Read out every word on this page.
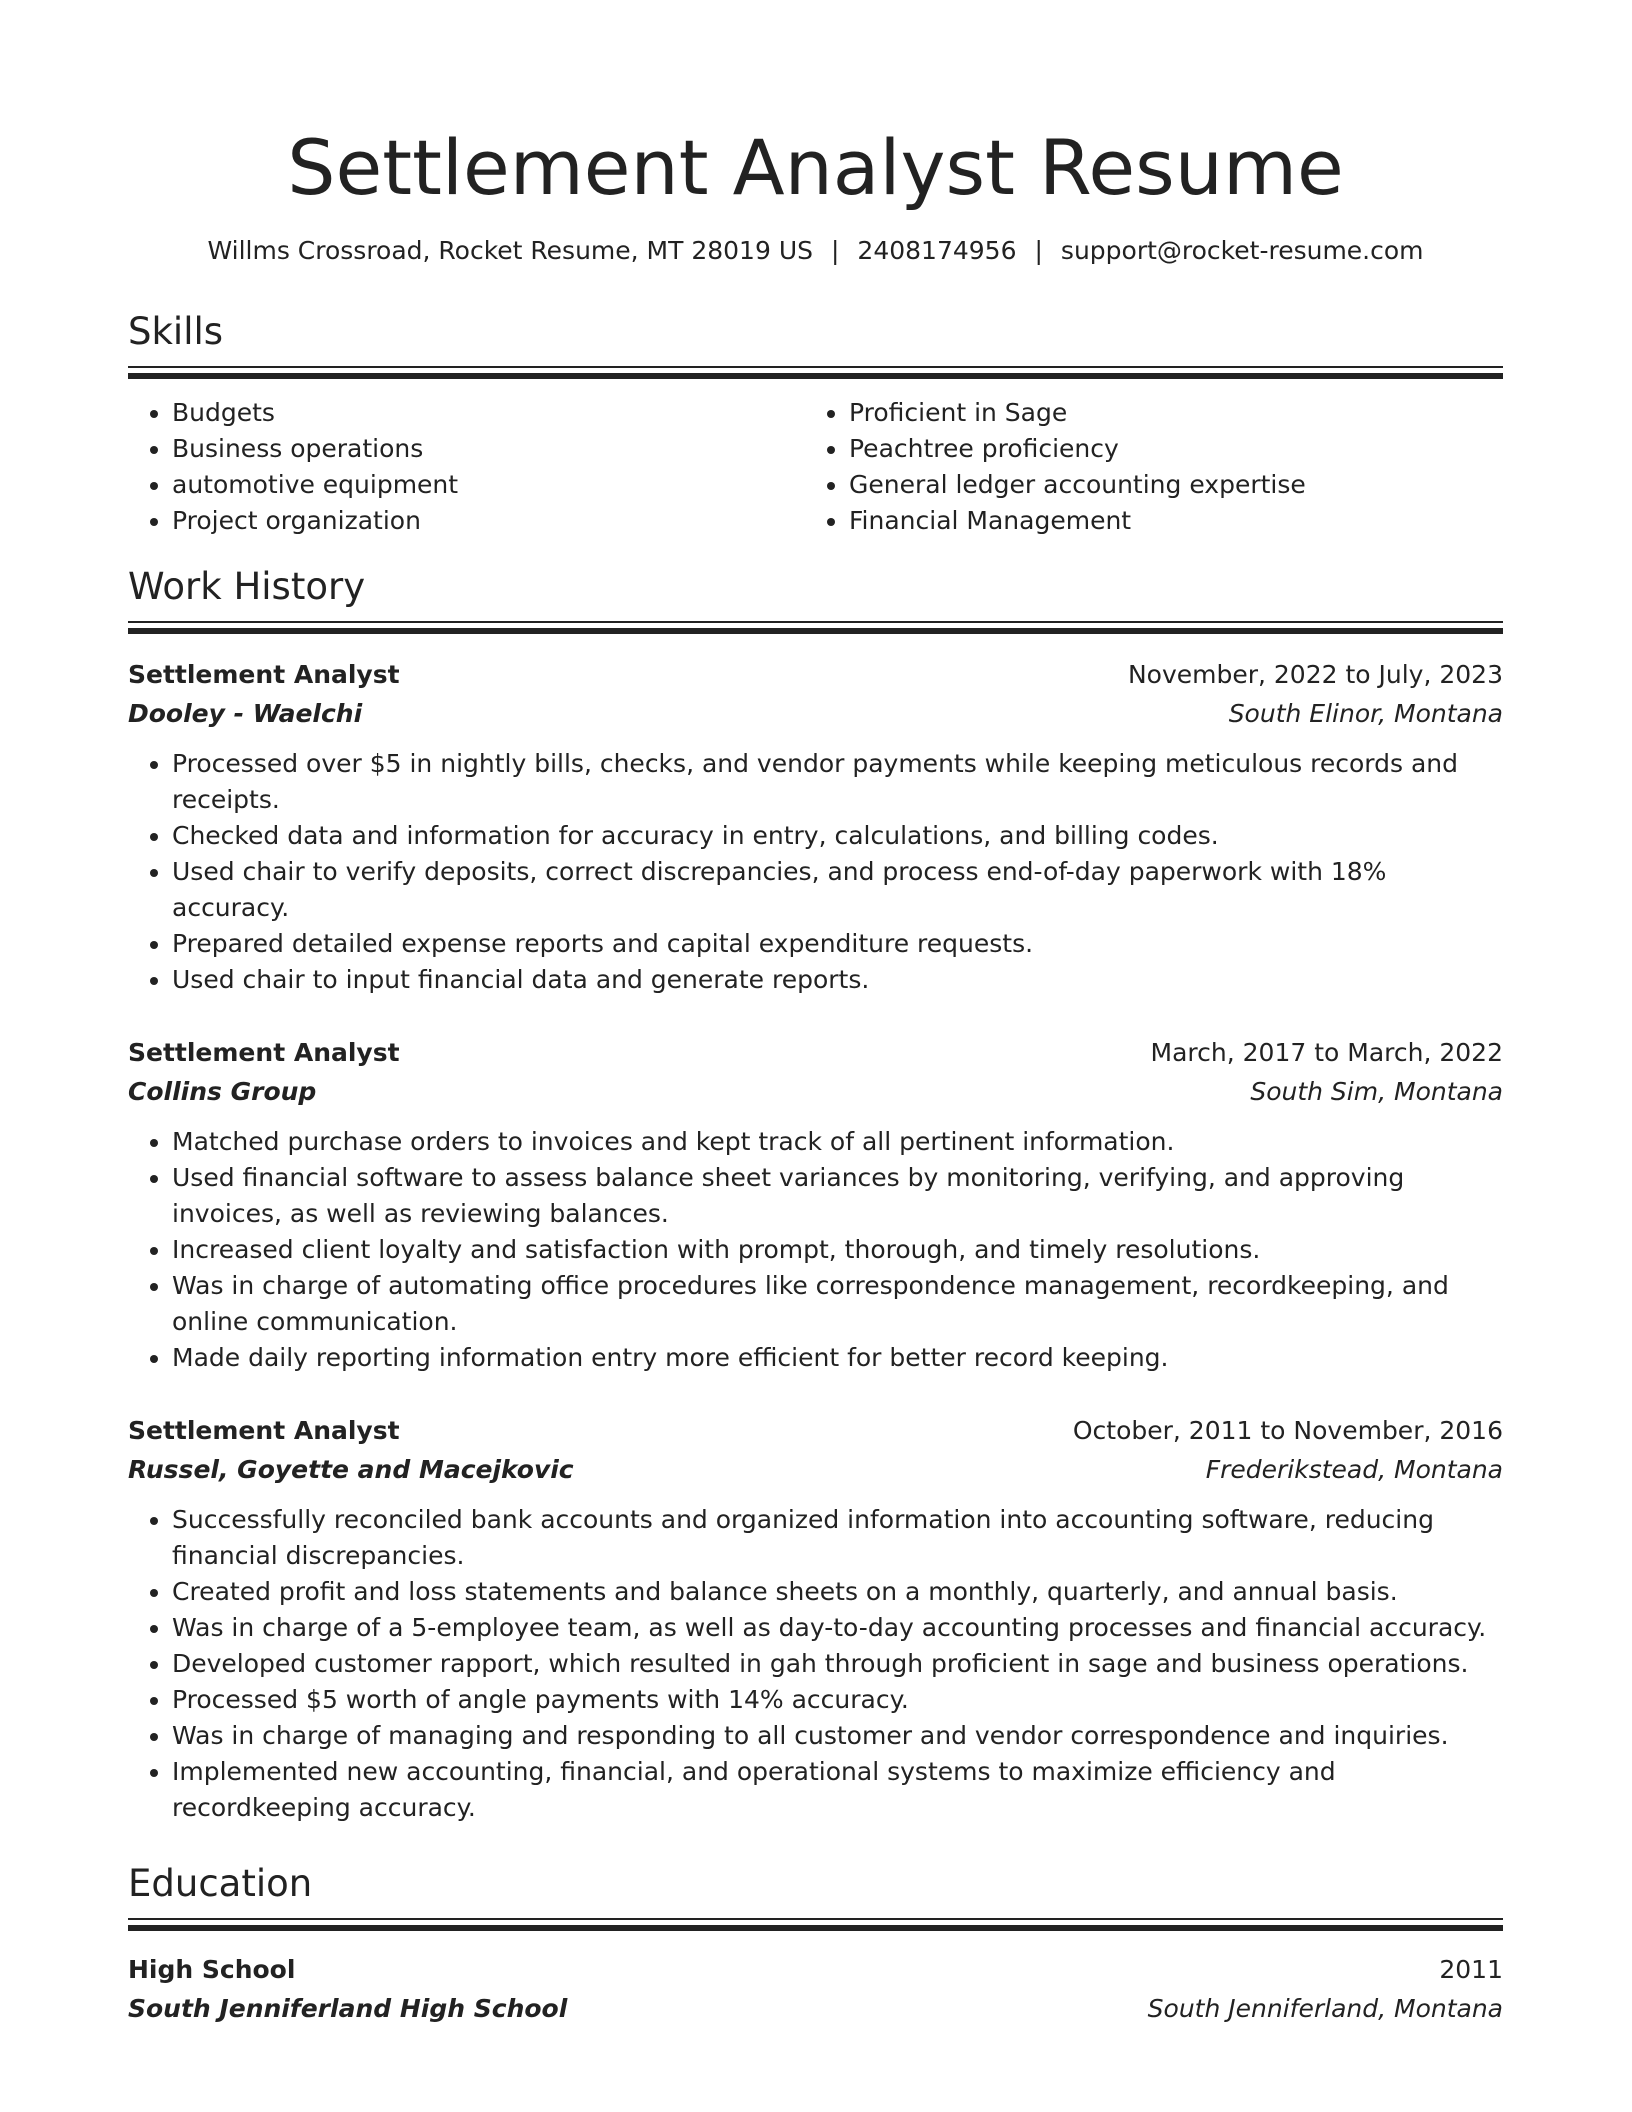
Settlement Analyst Resume
Willms Crossroad, Rocket Resume, MT 28019 US | 2408174956 | support@rocket-resume.com
Skills
• Budgets
• Business operations
• automotive equipment
• Project organization
• Proficient in Sage
• Peachtree proficiency
• General ledger accounting expertise
• Financial Management
Work History
Settlement Analyst	November, 2022 to July, 2023
Dooley - Waelchi	South Elinor, Montana
• Processed over $5 in nightly bills, checks, and vendor payments while keeping meticulous records and receipts.
• Checked data and information for accuracy in entry, calculations, and billing codes.
• Used chair to verify deposits, correct discrepancies, and process end-of-day paperwork with 18% accuracy.
• Prepared detailed expense reports and capital expenditure requests.
• Used chair to input financial data and generate reports.
Settlement Analyst	March, 2017 to March, 2022
Collins Group	South Sim, Montana
• Matched purchase orders to invoices and kept track of all pertinent information.
• Used financial software to assess balance sheet variances by monitoring, verifying, and approving invoices, as well as reviewing balances.
• Increased client loyalty and satisfaction with prompt, thorough, and timely resolutions.
• Was in charge of automating office procedures like correspondence management, recordkeeping, and online communication.
• Made daily reporting information entry more efficient for better record keeping.
Settlement Analyst	October, 2011 to November, 2016
Russel, Goyette and Macejkovic	Frederikstead, Montana
• Successfully reconciled bank accounts and organized information into accounting software, reducing financial discrepancies.
• Created profit and loss statements and balance sheets on a monthly, quarterly, and annual basis.
• Was in charge of a 5-employee team, as well as day-to-day accounting processes and financial accuracy.
• Developed customer rapport, which resulted in gah through proficient in sage and business operations.
• Processed $5 worth of angle payments with 14% accuracy.
• Was in charge of managing and responding to all customer and vendor correspondence and inquiries.
• Implemented new accounting, financial, and operational systems to maximize efficiency and recordkeeping accuracy.
Education
High School	2011
South Jenniferland High School	South Jenniferland, Montana
